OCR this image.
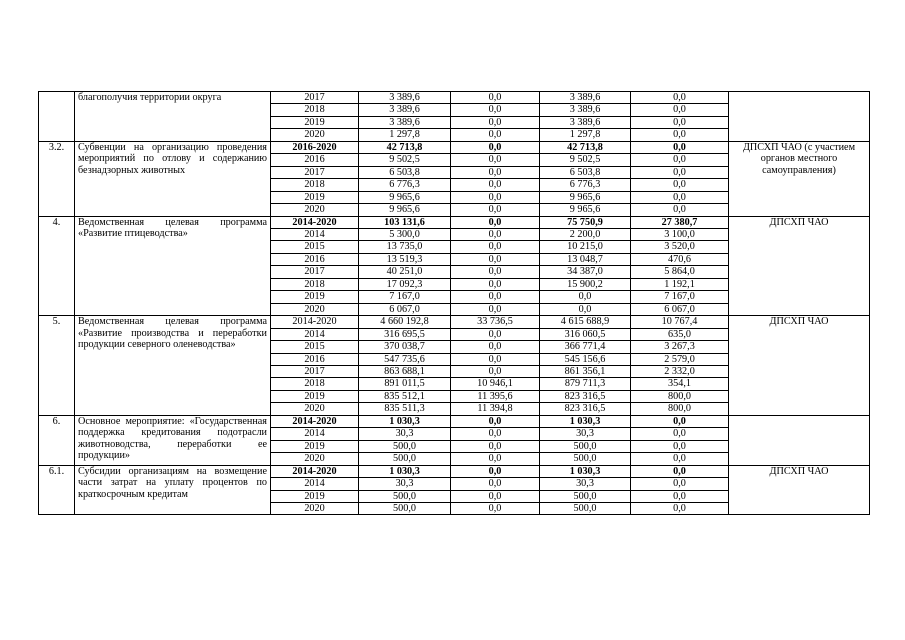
	благополучия территории округа	2017	3 389,6	0,0	3 389,6	0,0	
		2018	3 389,6	0,0	3 389,6	0,0	
		2019	3 389,6	0,0	3 389,6	0,0	
		2020	1 297,8	0,0	1 297,8	0,0	
3.2.	Субвенции на организацию проведения мероприятий по отлову и содержанию безнадзорных животных	2016-2020	42 713,8	0,0	42 713,8	0,0	ДПСХП ЧАО (с участием органов местного самоуправления)
		2016	9 502,5	0,0	9 502,5	0,0	
		2017	6 503,8	0,0	6 503,8	0,0	
		2018	6 776,3	0,0	6 776,3	0,0	
		2019	9 965,6	0,0	9 965,6	0,0	
		2020	9 965,6	0,0	9 965,6	0,0	
4.	Ведомственная целевая программа «Развитие птицеводства»	2014-2020	103 131,6	0,0	75 750,9	27 380,7	ДПСХП ЧАО
		2014	5 300,0	0,0	2 200,0	3 100,0	
		2015	13 735,0	0,0	10 215,0	3 520,0	
		2016	13 519,3	0,0	13 048,7	470,6	
		2017	40 251,0	0,0	34 387,0	5 864,0	
		2018	17 092,3	0,0	15 900,2	1 192,1	
		2019	7 167,0	0,0	0,0	7 167,0	
		2020	6 067,0	0,0	0,0	6 067,0	
5.	Ведомственная целевая программа «Развитие производства и переработки продукции северного оленеводства»	2014-2020	4 660 192,8	33 736,5	4 615 688,9	10 767,4	ДПСХП ЧАО
		2014	316 695,5	0,0	316 060,5	635,0	
		2015	370 038,7	0,0	366 771,4	3 267,3	
		2016	547 735,6	0,0	545 156,6	2 579,0	
		2017	863 688,1	0,0	861 356,1	2 332,0	
		2018	891 011,5	10 946,1	879 711,3	354,1	
		2019	835 512,1	11 395,6	823 316,5	800,0	
		2020	835 511,3	11 394,8	823 316,5	800,0	
6.	Основное мероприятие: «Государственная поддержка кредитования подотрасли животноводства, переработки ее продукции»	2014-2020	1 030,3	0,0	1 030,3	0,0	
		2014	30,3	0,0	30,3	0,0	
		2019	500,0	0,0	500,0	0,0	
		2020	500,0	0,0	500,0	0,0	
6.1.	Субсидии организациям на возмещение части затрат на уплату процентов по краткосрочным кредитам	2014-2020	1 030,3	0,0	1 030,3	0,0	ДПСХП ЧАО
		2014	30,3	0,0	30,3	0,0	
		2019	500,0	0,0	500,0	0,0	
		2020	500,0	0,0	500,0	0,0	
